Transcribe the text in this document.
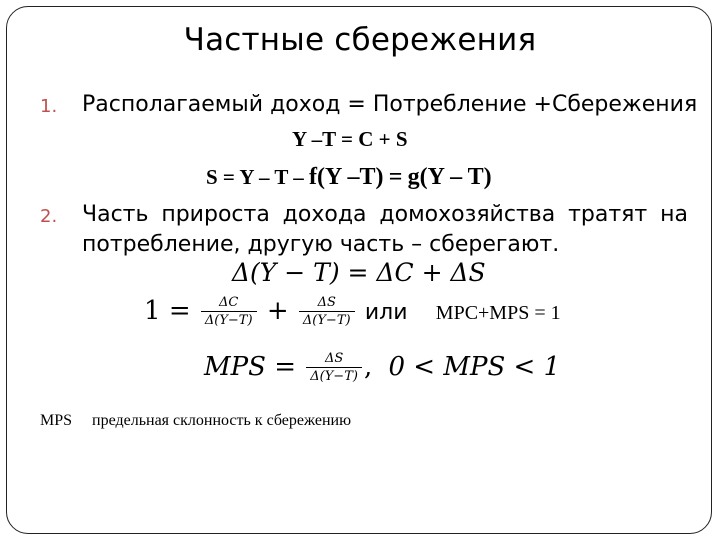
Частные сбережения
1. Располагаемый доход = Потребление +Сбережения
Y –T = C + S
S = Y – T – f(Y –T) = g(Y – T)
2. Часть прироста дохода домохозяйства тратят на потребление, другую часть – сберегают.
Δ(Y − T) = ΔC + ΔS
$1 = \frac{\Delta C}{\Delta(Y-T)} + \frac{\Delta S}{\Delta(Y-T)}$ или MPC+MPS = 1
MPS = $\frac{\Delta S}{\Delta(Y-T)}$ , 0 < MPS < 1
MPS предельная склонность к сбережению
